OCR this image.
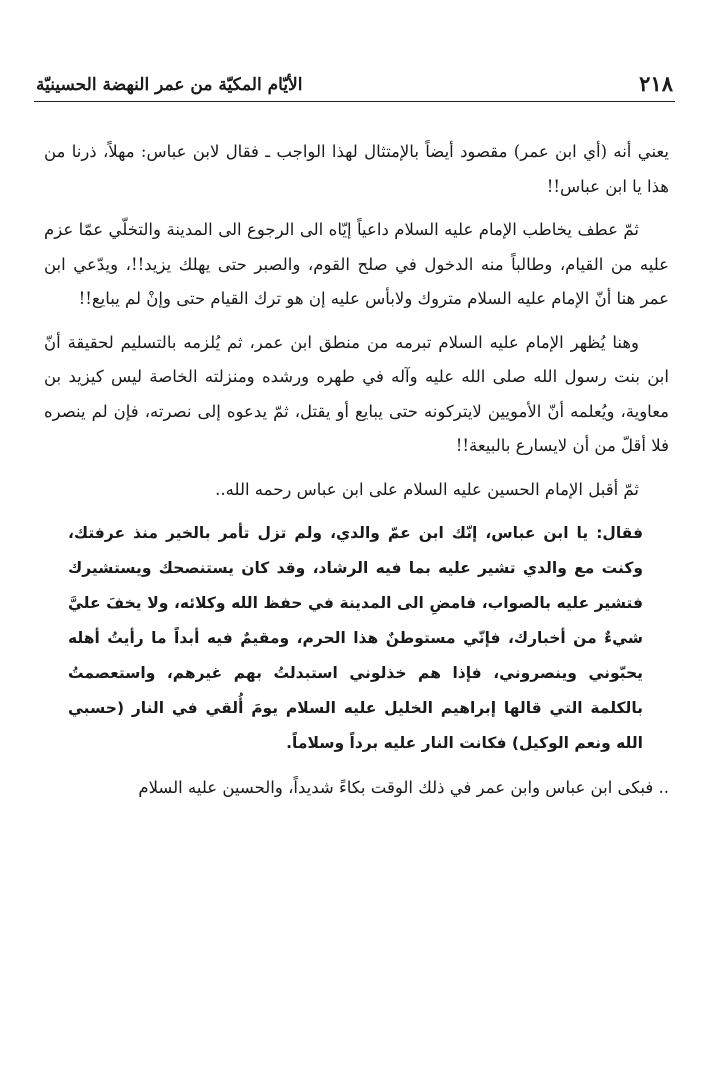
٢١٨
الأيّام المكيّة من عمر النهضة الحسينيّة

يعني أنه (أي ابن عمر) مقصود أيضاً بالإمتثال لهذا الواجب ـ فقال لابن عباس: مهلاً، ذرنا من هذا يا ابن عباس!!

ثمّ عطف يخاطب الإمام عليه السلام داعياً إيّاه الى الرجوع الى المدينة والتخلّي عمّا عزم عليه من القيام، وطالباً منه الدخول في صلح القوم، والصبر حتى يهلك يزيد!!، ويدّعي ابن عمر هنا أنّ الإمام عليه السلام متروك ولابأس عليه إن هو ترك القيام حتى وإنْ لم يبايع!!

وهنا يُظهر الإمام عليه السلام تبرمه من منطق ابن عمر، ثم يُلزمه بالتسليم لحقيقة أنّ ابن بنت رسول الله صلى الله عليه وآله في طهره ورشده ومنزلته الخاصة ليس كيزيد بن معاوية، ويُعلمه أنّ الأمويين لايتركونه حتى يبايع أو يقتل، ثمّ يدعوه إلى نصرته، فإن لم ينصره فلا أقلّ من أن لايسارع بالبيعة!!

ثمّ أقبل الإمام الحسين عليه السلام على ابن عباس رحمه الله..

فقال: يا ابن عباس، إنّك ابن عمّ والدي، ولم تزل تأمر بالخير منذ عرفتك، وكنت مع والدي تشير عليه بما فيه الرشاد، وقد كان يستنصحك ويستشيرك فتشير عليه بالصواب، فامضِ الى المدينة في حفظ الله وكلائه، ولا يخفَ عليَّ شيءٌ من أخبارك، فإنّي مستوطنٌ هذا الحرم، ومقيمٌ فيه أبداً ما رأيتُ أهله يحبّوني وينصروني، فإذا هم خذلوني استبدلتُ بهم غيرهم، واستعصمتُ بالكلمة التي قالها إبراهيم الخليل عليه السلام يومَ أُلقي في النار (حسبي الله ونعم الوكيل) فكانت النار عليه برداً وسلاماً.

.. فبكى ابن عباس وابن عمر في ذلك الوقت بكاءً شديداً، والحسين عليه السلام
